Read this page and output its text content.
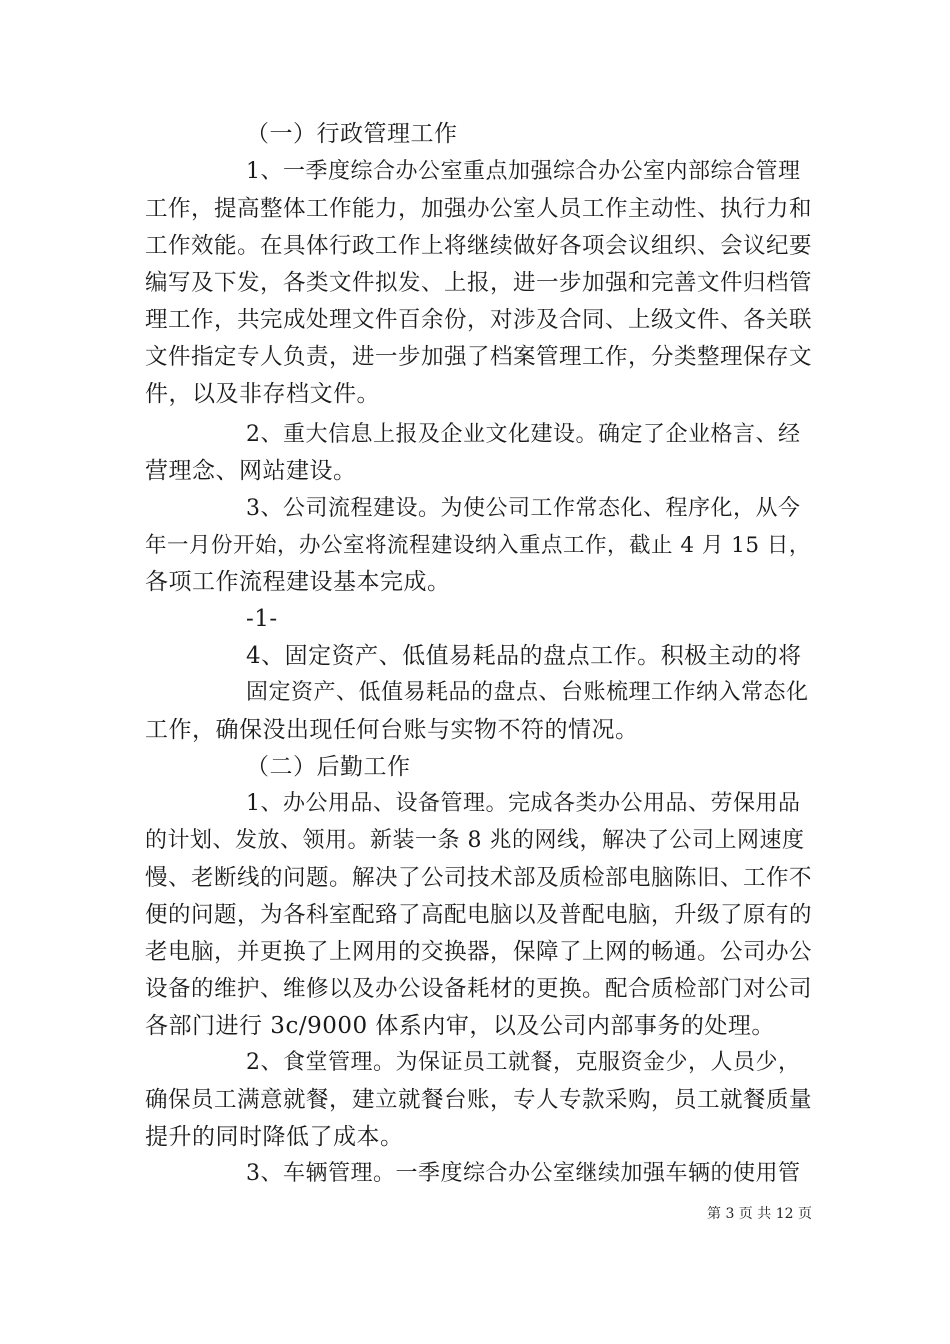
（一）行政管理工作
1、一季度综合办公室重点加强综合办公室内部综合管理
工作，提高整体工作能力，加强办公室人员工作主动性、执行力和
工作效能。在具体行政工作上将继续做好各项会议组织、会议纪要
编写及下发，各类文件拟发、上报，进一步加强和完善文件归档管
理工作，共完成处理文件百余份，对涉及合同、上级文件、各关联
文件指定专人负责，进一步加强了档案管理工作，分类整理保存文
件，以及非存档文件。
2、重大信息上报及企业文化建设。确定了企业格言、经
营理念、网站建设。
3、公司流程建设。为使公司工作常态化、程序化，从今
年一月份开始，办公室将流程建设纳入重点工作，截止 4 月 15 日，
各项工作流程建设基本完成。
-1-
4、固定资产、低值易耗品的盘点工作。积极主动的将
固定资产、低值易耗品的盘点、台账梳理工作纳入常态化
工作，确保没出现任何台账与实物不符的情况。
（二）后勤工作
1、办公用品、设备管理。完成各类办公用品、劳保用品
的计划、发放、领用。新装一条 8 兆的网线，解决了公司上网速度
慢、老断线的问题。解决了公司技术部及质检部电脑陈旧、工作不
便的问题，为各科室配臵了高配电脑以及普配电脑，升级了原有的
老电脑，并更换了上网用的交换器，保障了上网的畅通。公司办公
设备的维护、维修以及办公设备耗材的更换。配合质检部门对公司
各部门进行 3c/9000 体系内审，以及公司内部事务的处理。
2、食堂管理。为保证员工就餐，克服资金少，人员少，
确保员工满意就餐，建立就餐台账，专人专款采购，员工就餐质量
提升的同时降低了成本。
3、车辆管理。一季度综合办公室继续加强车辆的使用管
第 3 页 共 12 页
